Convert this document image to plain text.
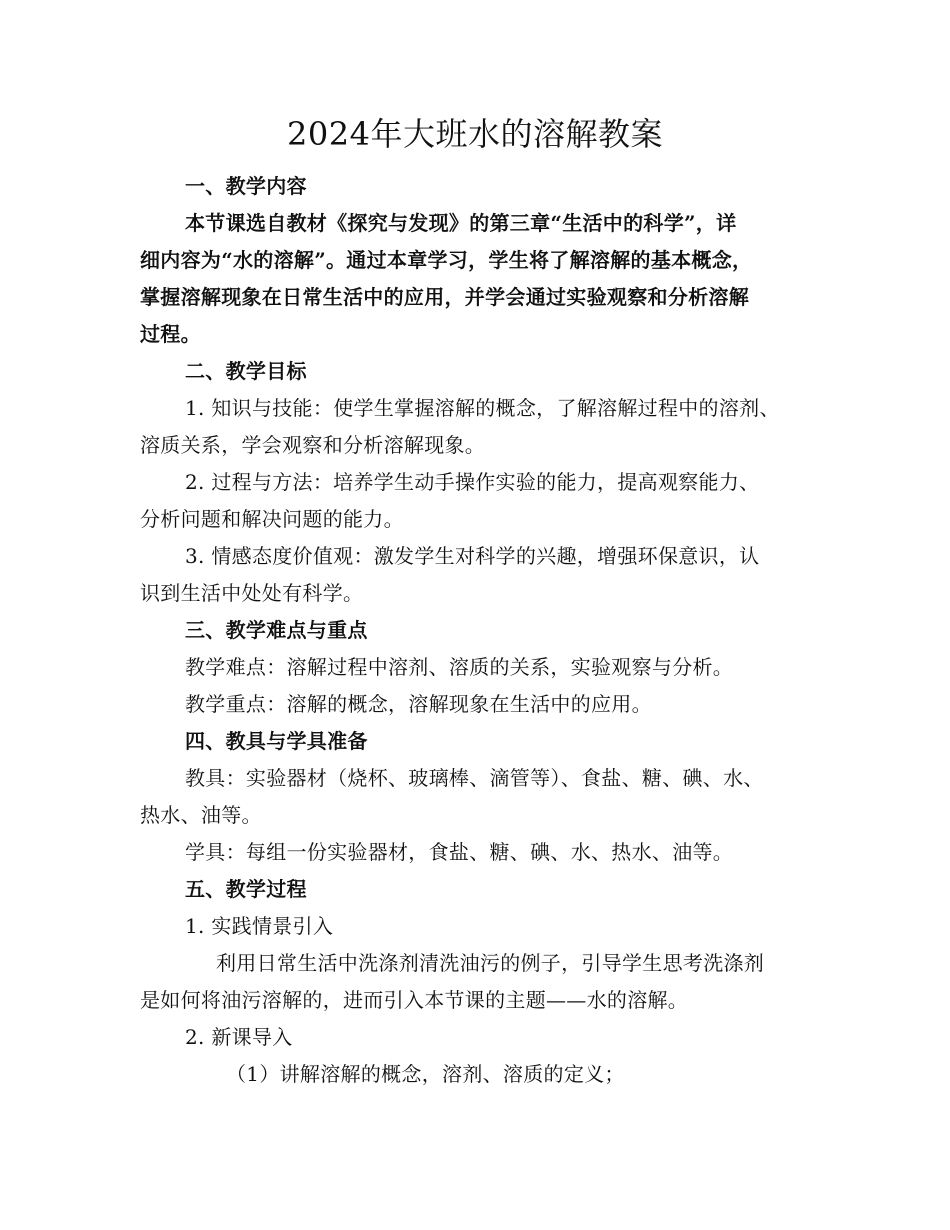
2024年大班水的溶解教案

一、教学内容

本节课选自教材《探究与发现》的第三章“生活中的科学”，详

细内容为“水的溶解”。通过本章学习，学生将了解溶解的基本概念，

掌握溶解现象在日常生活中的应用，并学会通过实验观察和分析溶解

过程。

二、教学目标

1. 知识与技能：使学生掌握溶解的概念，了解溶解过程中的溶剂、

溶质关系，学会观察和分析溶解现象。

2. 过程与方法：培养学生动手操作实验的能力，提高观察能力、

分析问题和解决问题的能力。

3. 情感态度价值观：激发学生对科学的兴趣，增强环保意识，认

识到生活中处处有科学。

三、教学难点与重点

教学难点：溶解过程中溶剂、溶质的关系，实验观察与分析。

教学重点：溶解的概念，溶解现象在生活中的应用。

四、教具与学具准备

教具：实验器材（烧杯、玻璃棒、滴管等）、食盐、糖、碘、水、

热水、油等。

学具：每组一份实验器材，食盐、糖、碘、水、热水、油等。

五、教学过程

1. 实践情景引入

利用日常生活中洗涤剂清洗油污的例子，引导学生思考洗涤剂

是如何将油污溶解的，进而引入本节课的主题——水的溶解。

2. 新课导入

（1）讲解溶解的概念，溶剂、溶质的定义；
